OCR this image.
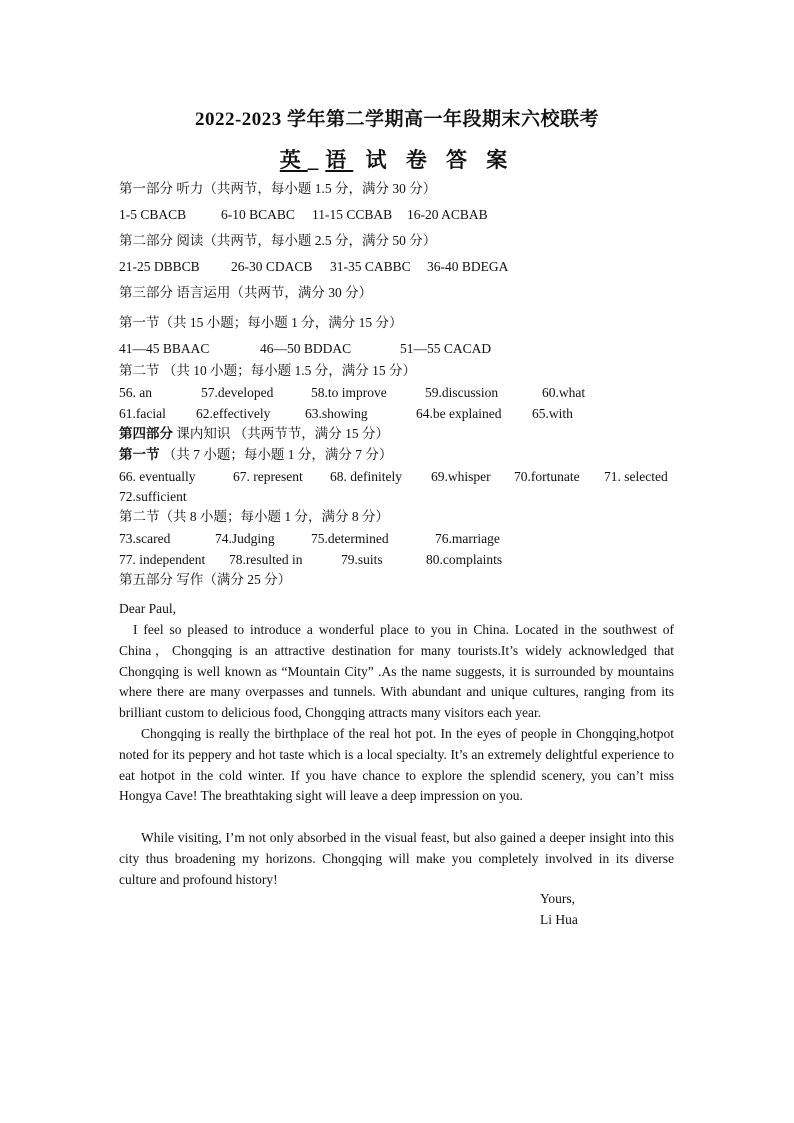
2022-2023 学年第二学期高一年段期末六校联考
英_语 试 卷 答 案
第一部分 听力（共两节，每小题 1.5 分，满分 30 分）
1-5 CBACB	6-10 BCABC 11-15 CCBAB 16-20 ACBAB
第二部分 阅读（共两节，每小题 2.5 分，满分 50 分）
21-25 DBBCB 26-30 CDACB 31-35 CABBC 36-40 BDEGA
第三部分 语言运用（共两节，满分 30 分）
第一节（共 15 小题；每小题 1 分，满分 15 分）
41—45 BBAAC	46—50 BDDAC	51—55 CACAD
第二节 （共 10 小题；每小题 1.5 分，满分 15 分）
56. an	57.developed	58.to improve	59.discussion	60.what
61.facial 62.effectively	63.showing	64.be explained 65.with
第四部分 课内知识 （共两节节，满分 15 分）
第一节 （共 7 小题；每小题 1 分，满分 7 分）
66. eventually	67. represent 68. definitely 69.whisper 70.fortunate 71. selected
72.sufficient
第二节（共 8 小题；每小题 1 分，满分 8 分）
73.scared	74.Judging	75.determined	76.marriage
77. independent 78.resulted in	79.suits	80.complaints
第五部分 写作（满分 25 分）
Dear Paul,
I feel so pleased to introduce a wonderful place to you in China. Located in the southwest of China，Chongqing is an attractive destination for many tourists.It’s widely acknowledged that Chongqing is well known as “Mountain City” .As the name suggests, it is surrounded by mountains where there are many overpasses and tunnels. With abundant and unique cultures, ranging from its brilliant custom to delicious food, Chongqing attracts many visitors each year.
Chongqing is really the birthplace of the real hot pot. In the eyes of people in Chongqing,hotpot noted for its peppery and hot taste which is a local specialty. It’s an extremely delightful experience to eat hotpot in the cold winter. If you have chance to explore the splendid scenery, you can’t miss Hongya Cave! The breathtaking sight will leave a deep impression on you.
While visiting, I’m not only absorbed in the visual feast, but also gained a deeper insight into this city thus broadening my horizons. Chongqing will make you completely involved in its diverse culture and profound history!
Yours,
Li Hua
